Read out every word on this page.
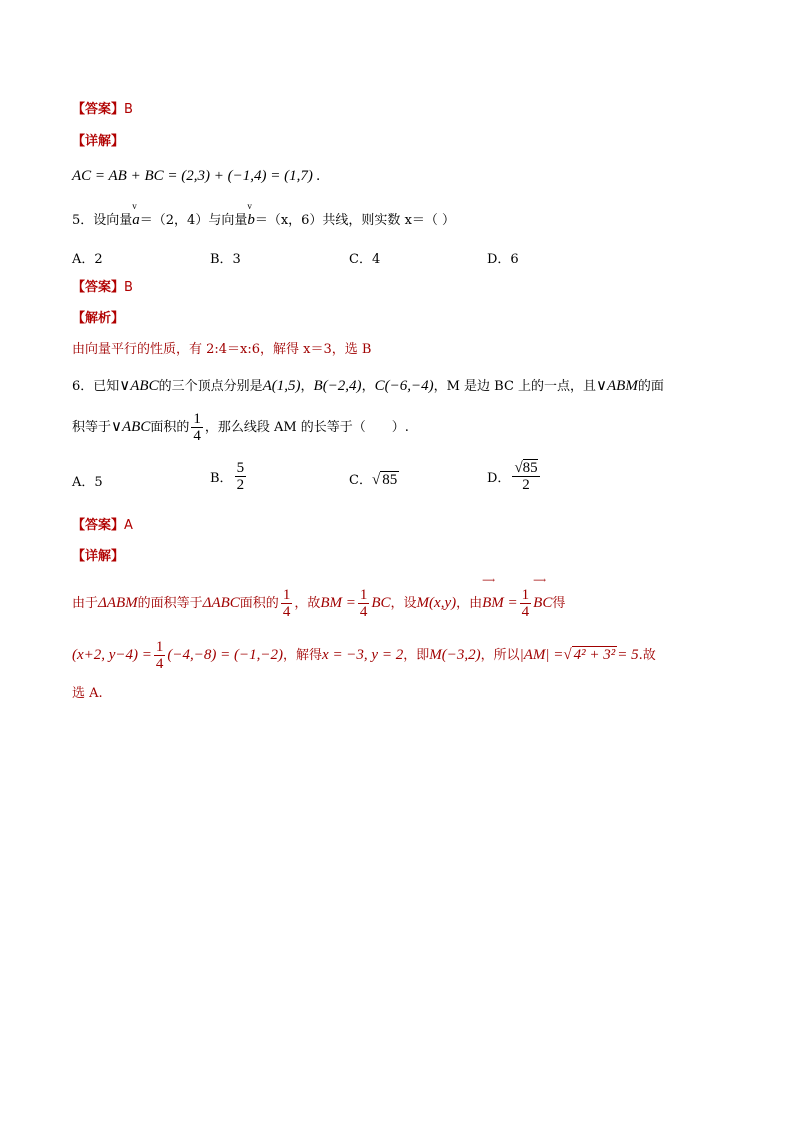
【答案】B
【详解】
AC = AB + BC = (2,3) + (−1,4) = (1,7) .
5．设向量
v
a＝（2，4）与向量
v
b＝（x，6）共线，则实数 x＝（ ）
A．2	B．3	C．4	D．6
【答案】B
【解析】
由向量平行的性质，有 2:4＝x:6，解得 x＝3，选 B
6．已知∨ABC的三个顶点分别是A(1,5)，B(−2,4)，C(−6,−4)，M 是边 BC 上的一点，且∨ABM的面
积等于∨ABC面积的 $\frac{1}{4}$ ，那么线段 AM 的长等于（　　）.
A．5	B． $\frac{5}{2}$	C．√ 85	D． $\frac{√85}{2}$
【答案】A
【详解】
由于ΔABM的面积等于ΔABC面积的 $\frac{1}{4}$ ，故BM = $\frac{1}{4}$ BC，设M(x,y)，由
⟶
BM = $\frac{1}{4}$
⟶
BC得
(x+2, $y-4) = \frac{1}{4} (-4,-8) = (-1,-2)$，解得x = −3, y = 2，即M(−3,2)，所以|AM| =√ 4² + 3² = 5.故
选 A.
